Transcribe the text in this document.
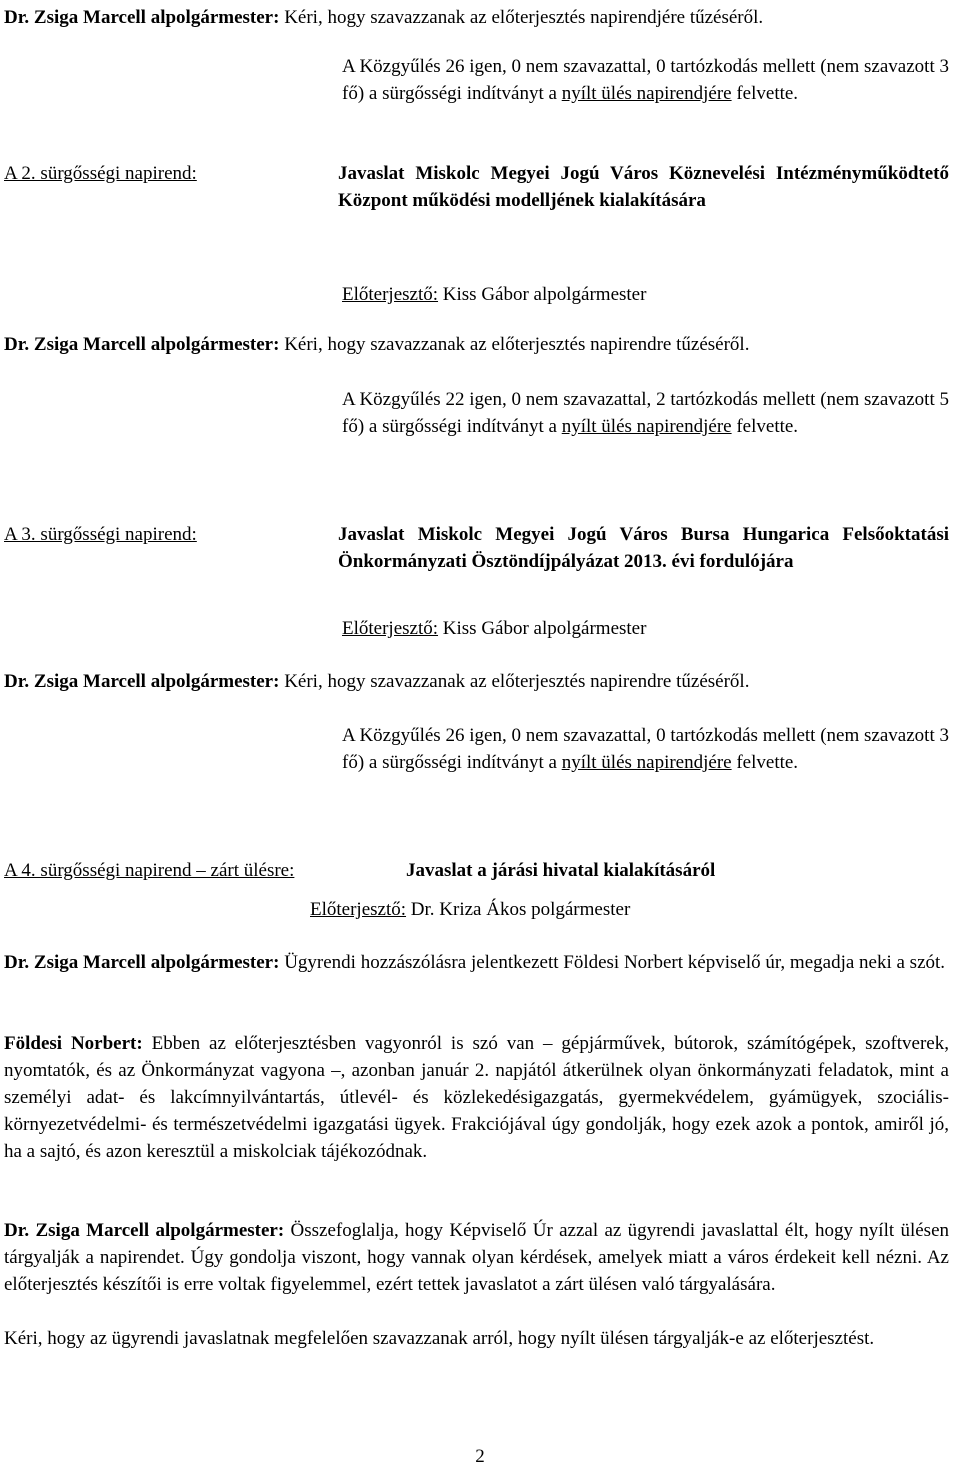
Dr. Zsiga Marcell alpolgármester: Kéri, hogy szavazzanak az előterjesztés napirendjére tűzéséről.
A Közgyűlés 26 igen, 0 nem szavazattal, 0 tartózkodás mellett (nem szavazott 3 fő) a sürgősségi indítványt a nyílt ülés napirendjére felvette.
A 2. sürgősségi napirend:	Javaslat Miskolc Megyei Jogú Város Köznevelési Intézményműködtető Központ működési modelljének kialakítására
Előterjesztő: Kiss Gábor alpolgármester
Dr. Zsiga Marcell alpolgármester: Kéri, hogy szavazzanak az előterjesztés napirendre tűzéséről.
A Közgyűlés 22 igen, 0 nem szavazattal, 2 tartózkodás mellett (nem szavazott 5 fő) a sürgősségi indítványt a nyílt ülés napirendjére felvette.
A 3. sürgősségi napirend:	Javaslat Miskolc Megyei Jogú Város Bursa Hungarica Felsőoktatási Önkormányzati Ösztöndíjpályázat 2013. évi fordulójára
Előterjesztő: Kiss Gábor alpolgármester
Dr. Zsiga Marcell alpolgármester: Kéri, hogy szavazzanak az előterjesztés napirendre tűzéséről.
A Közgyűlés 26 igen, 0 nem szavazattal, 0 tartózkodás mellett (nem szavazott 3 fő) a sürgősségi indítványt a nyílt ülés napirendjére felvette.
A 4. sürgősségi napirend – zárt ülésre:	Javaslat a járási hivatal kialakításáról
Előterjesztő: Dr. Kriza Ákos polgármester
Dr. Zsiga Marcell alpolgármester: Ügyrendi hozzászólásra jelentkezett Földesi Norbert képviselő úr, megadja neki a szót.
Földesi Norbert: Ebben az előterjesztésben vagyonról is szó van – gépjárművek, bútorok, számítógépek, szoftverek, nyomtatók, és az Önkormányzat vagyona –, azonban január 2. napjától átkerülnek olyan önkormányzati feladatok, mint a személyi adat- és lakcímnyilvántartás, útlevél- és közlekedésigazgatás, gyermekvédelem, gyámügyek, szociális- környezetvédelmi- és természetvédelmi igazgatási ügyek. Frakciójával úgy gondolják, hogy ezek azok a pontok, amiről jó, ha a sajtó, és azon keresztül a miskolciak tájékozódnak.
Dr. Zsiga Marcell alpolgármester: Összefoglalja, hogy Képviselő Úr azzal az ügyrendi javaslattal élt, hogy nyílt ülésen tárgyalják a napirendet. Úgy gondolja viszont, hogy vannak olyan kérdések, amelyek miatt a város érdekeit kell nézni. Az előterjesztés készítői is erre voltak figyelemmel, ezért tettek javaslatot a zárt ülésen való tárgyalására.
Kéri, hogy az ügyrendi javaslatnak megfelelően szavazzanak arról, hogy nyílt ülésen tárgyalják-e az előterjesztést.
2
